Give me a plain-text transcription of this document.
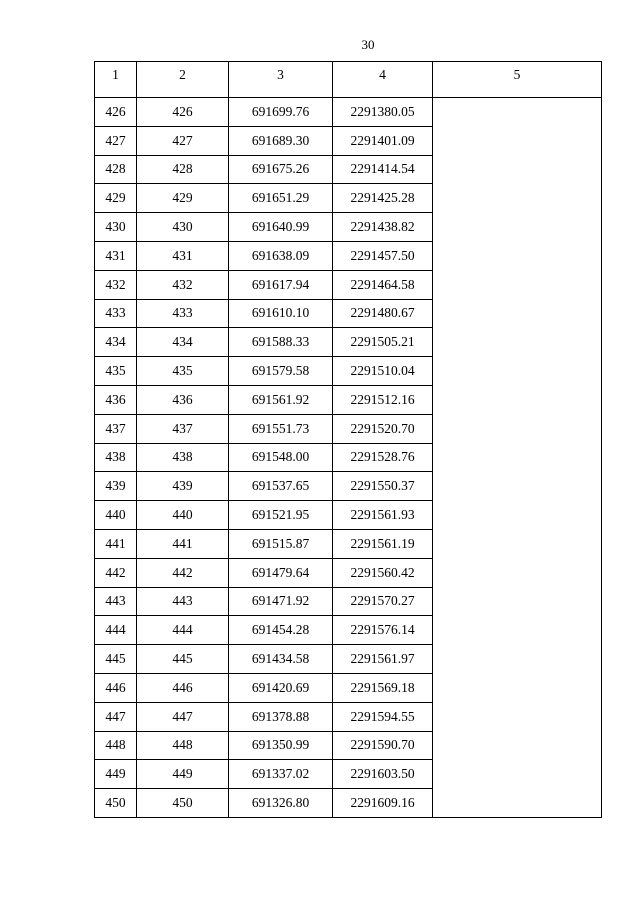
30
1	2	3	4	5
426	426	691699.76	2291380.05	
427	427	691689.30	2291401.09	
428	428	691675.26	2291414.54	
429	429	691651.29	2291425.28	
430	430	691640.99	2291438.82	
431	431	691638.09	2291457.50	
432	432	691617.94	2291464.58	
433	433	691610.10	2291480.67	
434	434	691588.33	2291505.21	
435	435	691579.58	2291510.04	
436	436	691561.92	2291512.16	
437	437	691551.73	2291520.70	
438	438	691548.00	2291528.76	
439	439	691537.65	2291550.37	
440	440	691521.95	2291561.93	
441	441	691515.87	2291561.19	
442	442	691479.64	2291560.42	
443	443	691471.92	2291570.27	
444	444	691454.28	2291576.14	
445	445	691434.58	2291561.97	
446	446	691420.69	2291569.18	
447	447	691378.88	2291594.55	
448	448	691350.99	2291590.70	
449	449	691337.02	2291603.50	
450	450	691326.80	2291609.16	
